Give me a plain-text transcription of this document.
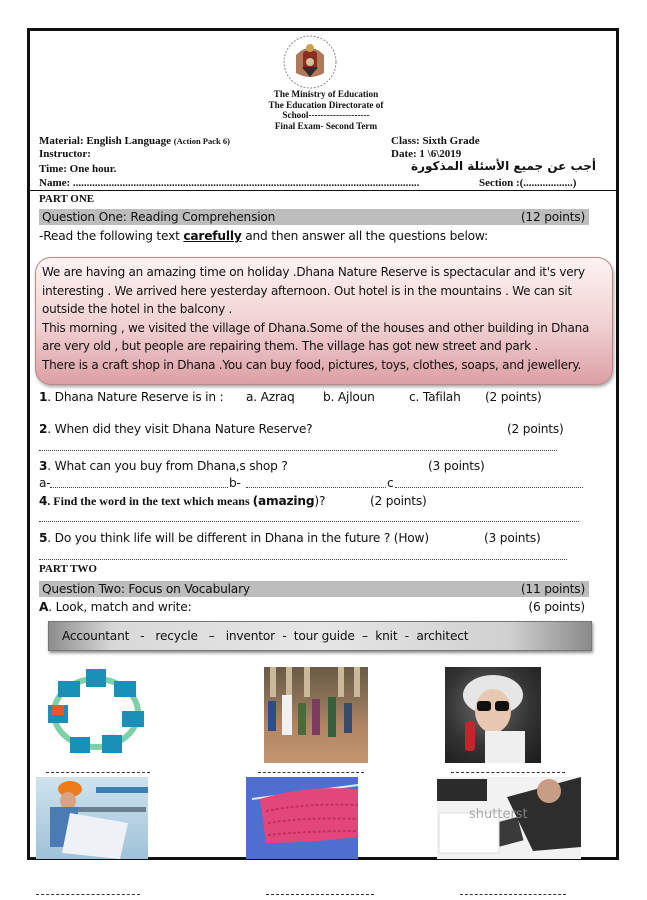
The Ministry of Education
The Education Directorate of
School--------------------
Final Exam- Second Term
Material: English Language (Action Pack 6)
Instructor:
Time: One hour.
Name: ..............................................................................................................................
Class: Sixth Grade
Date: 1 \6\2019
أجب عن جميع الأسئلة المذكورة
Section :(..................)
PART ONE
Question One: Reading Comprehension	(12 points)
-Read the following text carefully and then answer all the questions below:

We are having an amazing time on holiday .Dhana Nature Reserve is spectacular and it's very

interesting . We arrived here yesterday afternoon. Out hotel is in the mountains . We can sit

outside the hotel in the balcony .

This morning , we visited the village of Dhana.Some of the houses and other building in Dhana

are very old , but people are repairing them. The village has got new street and park .

There is a craft shop in Dhana .You can buy food, pictures, toys, clothes, soaps, and jewellery.

1. Dhana Nature Reserve is in : a. Azraq b. Ajloun	c. Tafilah (2 points)
2. When did they visit Dhana Nature Reserve?	(2 points)
3. What can you buy from Dhana,s shop ?	(3 points)
a-	b-	c
4. Find the word in the text which means (amazing)?	(2 points)
5. Do you think life will be different in Dhana in the future ? (How)	(3 points)
PART TWO
Question Two: Focus on Vocabulary	(11 points)
A. Look, match and write:	(6 points)
Accountant   -   recycle   –   inventor  -  tour guide  –  knit  -  architect
shutterst
